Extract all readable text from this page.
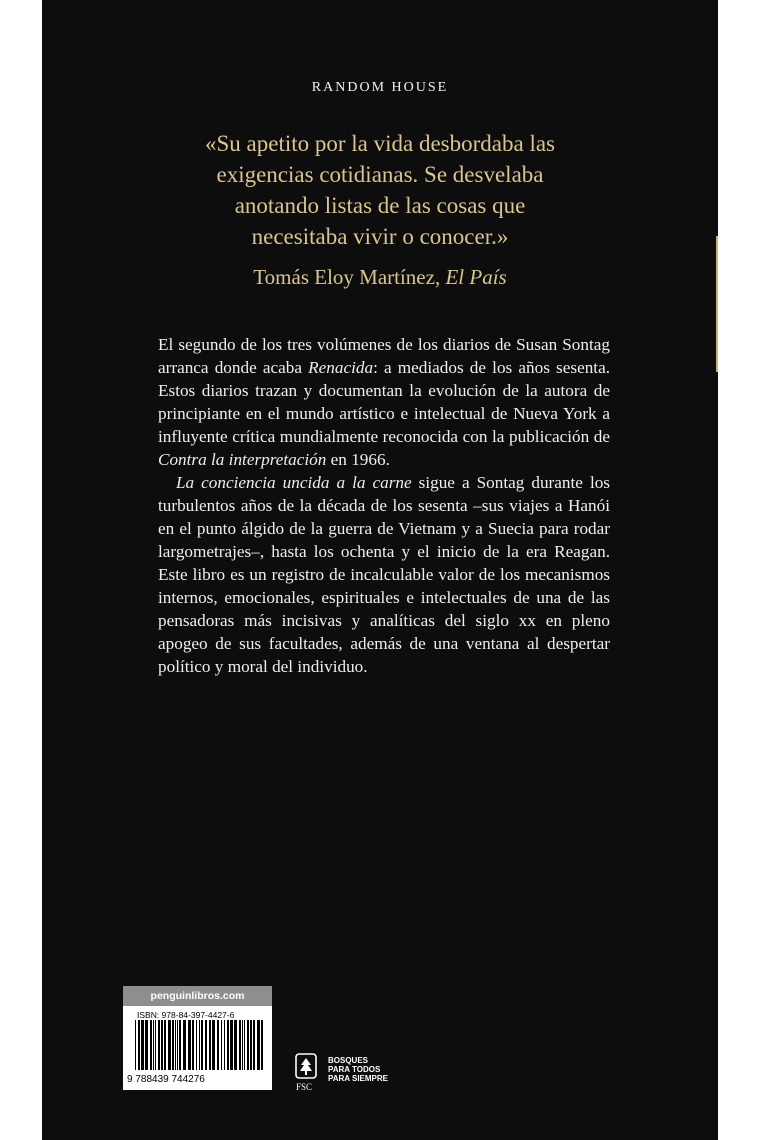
RANDOM HOUSE

«Su apetito por la vida desbordaba las

exigencias cotidianas. Se desvelaba

anotando listas de las cosas que

necesitaba vivir o conocer.»

Tomás Eloy Martínez, El País

El segundo de los tres volúmenes de los diarios de Susan Sontag arranca donde acaba Renacida: a mediados de los años sesenta. Estos diarios trazan y documentan la evolución de la autora de principiante en el mundo artístico e intelectual de Nueva York a influyente crítica mundialmente reconocida con la publicación de Contra la interpretación en 1966.

La conciencia uncida a la carne sigue a Sontag durante los turbulentos años de la década de los sesenta –sus viajes a Hanói en el punto álgido de la guerra de Vietnam y a Suecia para rodar largometrajes–, hasta los ochenta y el inicio de la era Reagan. Este libro es un registro de incalculable valor de los mecanismos internos, emocionales, espirituales e intelectuales de una de las pensadoras más incisivas y analíticas del siglo xx en pleno apogeo de sus facultades, además de una ventana al despertar político y moral del individuo.

penguinlibros.com
ISBN: 978-84-397-4427-6
9 788439 744276
FSC
BOSQUES
PARA TODOS
PARA SIEMPRE
